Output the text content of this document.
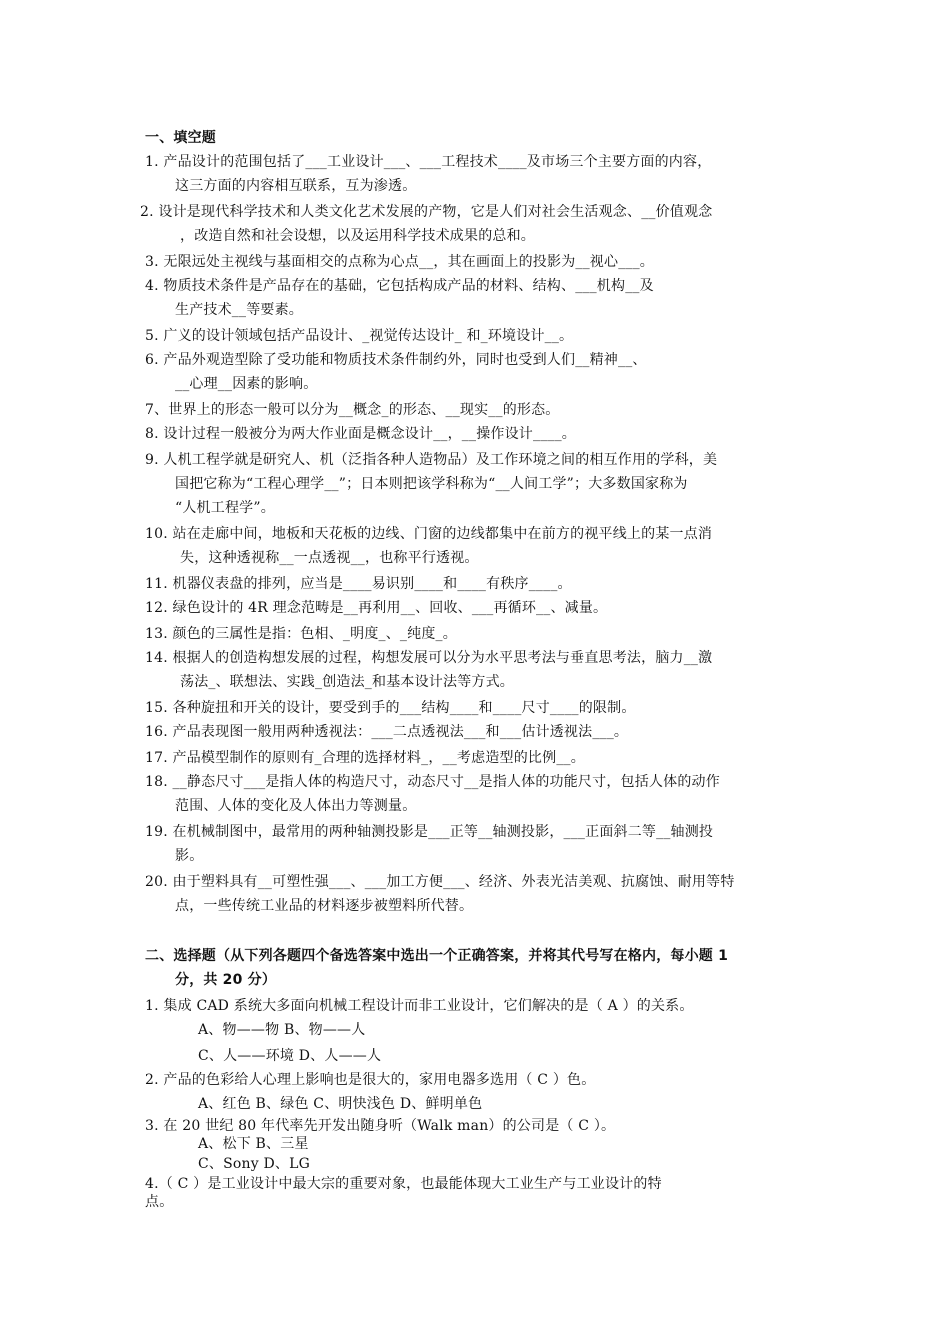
一、填空题
1. 产品设计的范围包括了___工业设计___、___工程技术____及市场三个主要方面的内容，
这三方面的内容相互联系，互为渗透。
2. 设计是现代科学技术和人类文化艺术发展的产物，它是人们对社会生活观念、__价值观念
，改造自然和社会设想，以及运用科学技术成果的总和。
3. 无限远处主视线与基面相交的点称为心点__，其在画面上的投影为__视心___。
4. 物质技术条件是产品存在的基础，它包括构成产品的材料、结构、___机构__及
生产技术__等要素。
5. 广义的设计领域包括产品设计、_视觉传达设计_ 和_环境设计__。
6. 产品外观造型除了受功能和物质技术条件制约外，同时也受到人们__精神__、
__心理__因素的影响。
7、世界上的形态一般可以分为__概念_的形态、__现实__的形态。
8. 设计过程一般被分为两大作业面是概念设计__，__操作设计____。
9. 人机工程学就是研究人、机（泛指各种人造物品）及工作环境之间的相互作用的学科，美
国把它称为“工程心理学__”；日本则把该学科称为“__人间工学”；大多数国家称为
“人机工程学”。
10. 站在走廊中间，地板和天花板的边线、门窗的边线都集中在前方的视平线上的某一点消
失，这种透视称__一点透视__，也称平行透视。
11. 机器仪表盘的排列，应当是____易识别____和____有秩序____。
12. 绿色设计的 4R 理念范畴是__再利用__、回收、___再循环__、减量。
13. 颜色的三属性是指：色相、_明度_、_纯度_。
14. 根据人的创造构想发展的过程，构想发展可以分为水平思考法与垂直思考法，脑力__激
荡法_、联想法、实践_创造法_和基本设计法等方式。
15. 各种旋扭和开关的设计，要受到手的___结构____和____尺寸____的限制。
16. 产品表现图一般用两种透视法：___二点透视法___和___估计透视法___。
17. 产品模型制作的原则有_合理的选择材料_，__考虑造型的比例__。
18. __静态尺寸___是指人体的构造尺寸，动态尺寸__是指人体的功能尺寸，包括人体的动作
范围、人体的变化及人体出力等测量。
19. 在机械制图中，最常用的两种轴测投影是___正等__轴测投影，___正面斜二等__轴测投
影。
20. 由于塑料具有__可塑性强___、___加工方便___、经济、外表光洁美观、抗腐蚀、耐用等特
点，一些传统工业品的材料逐步被塑料所代替。
二、选择题（从下列各题四个备选答案中选出一个正确答案，并将其代号写在格内，每小题 1
分，共 20 分）
1. 集成 CAD 系统大多面向机械工程设计而非工业设计，它们解决的是（ A ）的关系。
A、物——物 B、物——人
C、人——环境 D、人——人
2. 产品的色彩给人心理上影响也是很大的，家用电器多选用（ C ）色。
A、红色 B、绿色 C、明快浅色 D、鲜明单色
3. 在 20 世纪 80 年代率先开发出随身听（Walk man）的公司是（ C ）。
A、松下 B、三星
C、Sony D、LG
4.（ C ）是工业设计中最大宗的重要对象，也最能体现大工业生产与工业设计的特
点。
